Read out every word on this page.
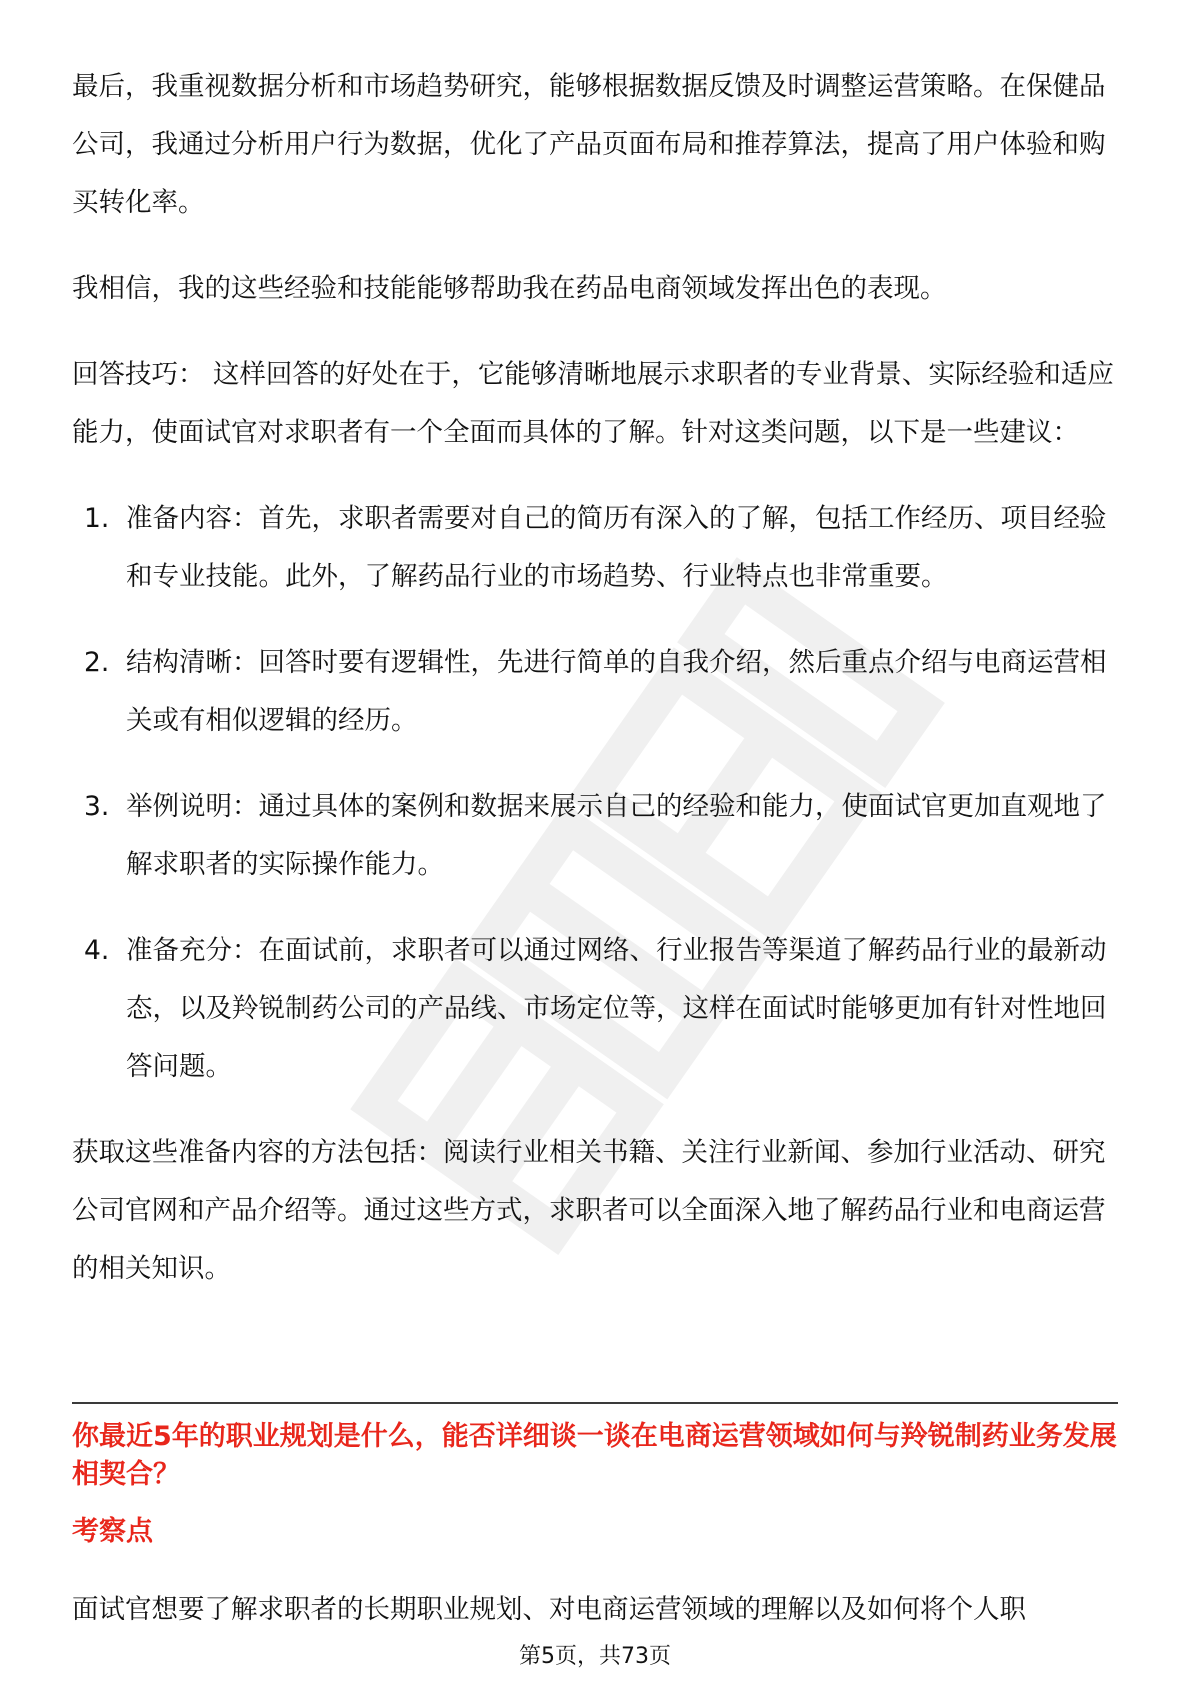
最后，我重视数据分析和市场趋势研究，能够根据数据反馈及时调整运营策略。在保健品公司，我通过分析用户行为数据，优化了产品页面布局和推荐算法，提高了用户体验和购买转化率。

我相信，我的这些经验和技能能够帮助我在药品电商领域发挥出色的表现。

回答技巧： 这样回答的好处在于，它能够清晰地展示求职者的专业背景、实际经验和适应能力，使面试官对求职者有一个全面而具体的了解。针对这类问题，以下是一些建议：

1. 准备内容：首先，求职者需要对自己的简历有深入的了解，包括工作经历、项目经验和专业技能。此外，了解药品行业的市场趋势、行业特点也非常重要。
2. 结构清晰：回答时要有逻辑性，先进行简单的自我介绍，然后重点介绍与电商运营相关或有相似逻辑的经历。
3. 举例说明：通过具体的案例和数据来展示自己的经验和能力，使面试官更加直观地了解求职者的实际操作能力。
4. 准备充分：在面试前，求职者可以通过网络、行业报告等渠道了解药品行业的最新动态，以及羚锐制药公司的产品线、市场定位等，这样在面试时能够更加有针对性地回答问题。

获取这些准备内容的方法包括：阅读行业相关书籍、关注行业新闻、参加行业活动、研究公司官网和产品介绍等。通过这些方式，求职者可以全面深入地了解药品行业和电商运营的相关知识。

你最近5年的职业规划是什么，能否详细谈一谈在电商运营领域如何与羚锐制药业务发展相契合？
考察点
面试官想要了解求职者的长期职业规划、对电商运营领域的理解以及如何将个人职
第5页，共73页
